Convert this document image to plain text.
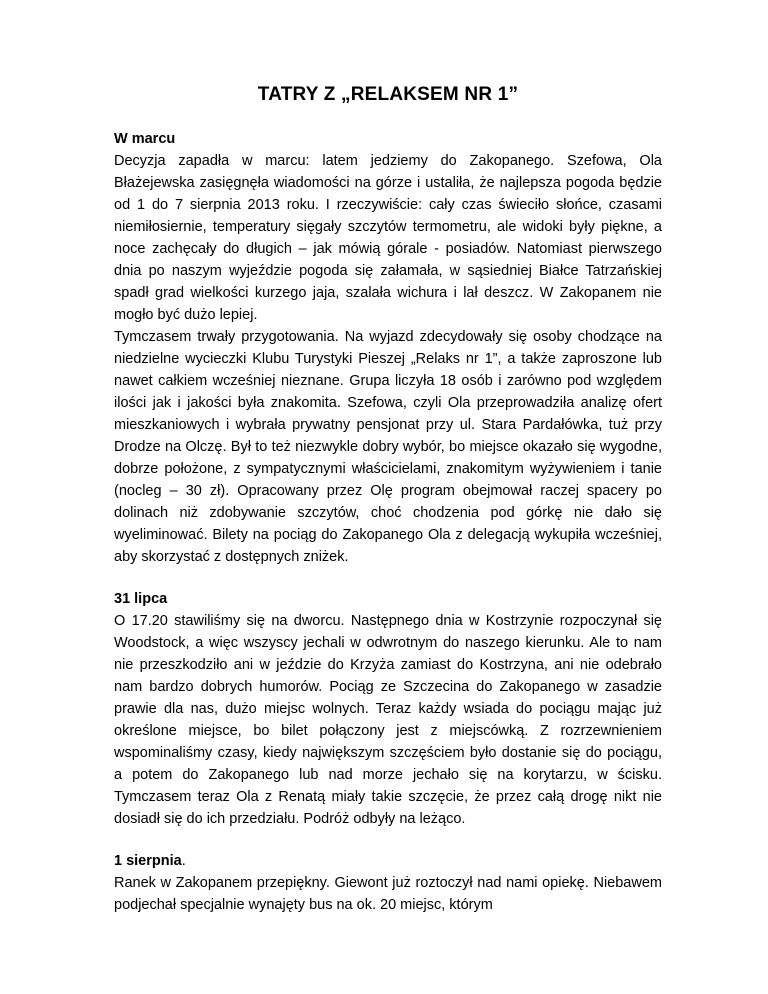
TATRY Z „RELAKSEM NR 1”

W marcu

Decyzja zapadła w marcu: latem jedziemy do Zakopanego. Szefowa, Ola Błażejewska zasięgnęła wiadomości na górze i ustaliła, że najlepsza pogoda będzie od 1 do 7 sierpnia 2013 roku. I rzeczywiście: cały czas świeciło słońce, czasami niemiłosiernie, temperatury sięgały szczytów termometru, ale widoki były piękne, a noce zachęcały do długich – jak mówią górale - posiadów. Natomiast pierwszego dnia po naszym wyjeździe pogoda się załamała, w sąsiedniej Białce Tatrzańskiej spadł grad wielkości kurzego jaja, szalała wichura i lał deszcz. W Zakopanem nie mogło być dużo lepiej.

Tymczasem trwały przygotowania. Na wyjazd zdecydowały się osoby chodzące na niedzielne wycieczki Klubu Turystyki Pieszej „Relaks nr 1”, a także zaproszone lub nawet całkiem wcześniej nieznane. Grupa liczyła 18 osób i zarówno pod względem ilości jak i jakości była znakomita. Szefowa, czyli Ola przeprowadziła analizę ofert mieszkaniowych i wybrała prywatny pensjonat przy ul. Stara Pardałówka, tuż przy Drodze na Olczę. Był to też niezwykle dobry wybór, bo miejsce okazało się wygodne, dobrze położone, z sympatycznymi właścicielami, znakomitym wyżywieniem i tanie (nocleg – 30 zł). Opracowany przez Olę program obejmował raczej spacery po dolinach niż zdobywanie szczytów, choć chodzenia pod górkę nie dało się wyeliminować. Bilety na pociąg do Zakopanego Ola z delegacją wykupiła wcześniej, aby skorzystać z dostępnych zniżek.

31 lipca

O 17.20 stawiliśmy się na dworcu. Następnego dnia w Kostrzynie rozpoczynał się Woodstock, a więc wszyscy jechali w odwrotnym do naszego kierunku. Ale to nam nie przeszkodziło ani w jeździe do Krzyża zamiast do Kostrzyna, ani nie odebrało nam bardzo dobrych humorów. Pociąg ze Szczecina do Zakopanego w zasadzie prawie dla nas, dużo miejsc wolnych. Teraz każdy wsiada do pociągu mając już określone miejsce, bo bilet połączony jest z miejscówką. Z rozrzewnieniem wspominaliśmy czasy, kiedy największym szczęściem było dostanie się do pociągu, a potem do Zakopanego lub nad morze jechało się na korytarzu, w ścisku. Tymczasem teraz Ola z Renatą miały takie szczęcie, że przez całą drogę nikt nie dosiadł się do ich przedziału. Podróż odbyły na leżąco.

1 sierpnia.

Ranek w Zakopanem przepiękny. Giewont już roztoczył nad nami opiekę. Niebawem podjechał specjalnie wynajęty bus na ok. 20 miejsc, którym
